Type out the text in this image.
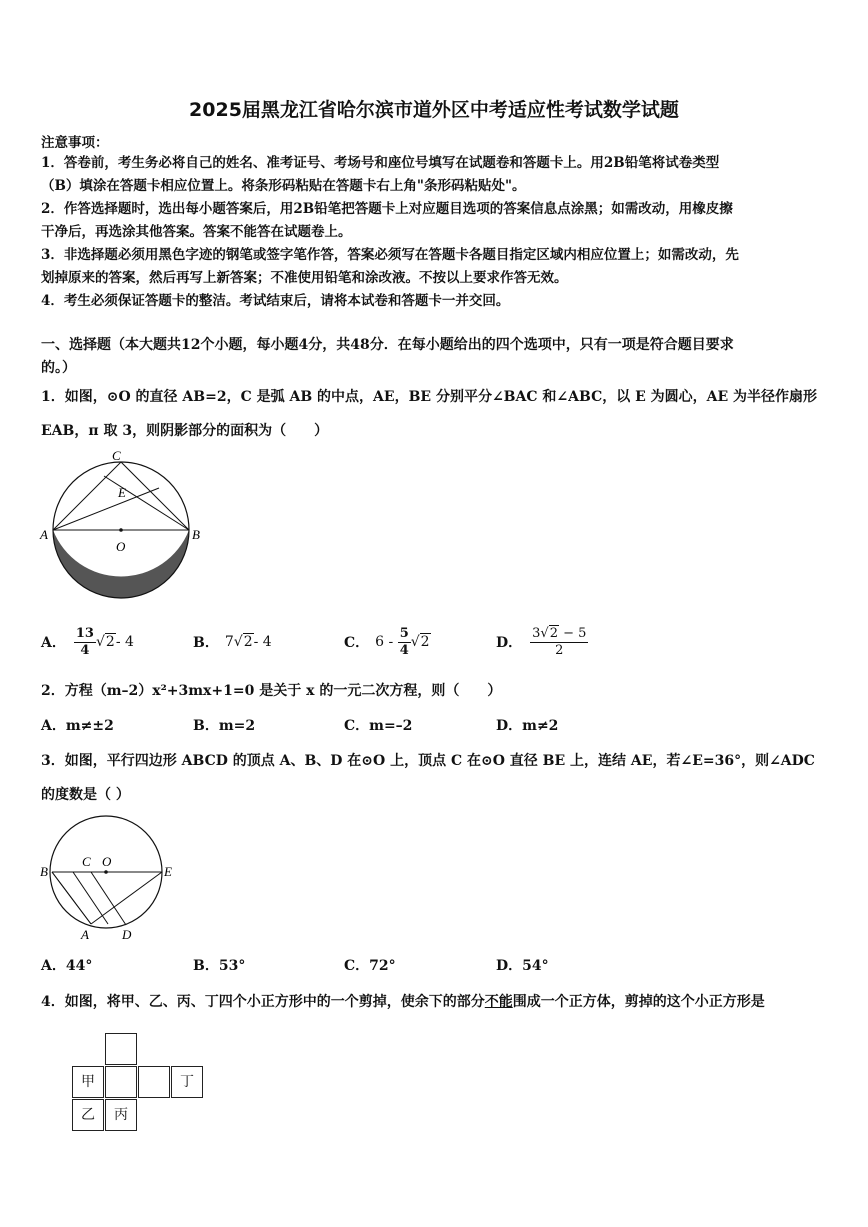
2025届黑龙江省哈尔滨市道外区中考适应性考试数学试题
注意事项：
1．答卷前，考生务必将自己的姓名、准考证号、考场号和座位号填写在试题卷和答题卡上。用2B铅笔将试卷类型
（B）填涂在答题卡相应位置上。将条形码粘贴在答题卡右上角"条形码粘贴处"。
2．作答选择题时，选出每小题答案后，用2B铅笔把答题卡上对应题目选项的答案信息点涂黑；如需改动，用橡皮擦
干净后，再选涂其他答案。答案不能答在试题卷上。
3．非选择题必须用黑色字迹的钢笔或签字笔作答，答案必须写在答题卡各题目指定区域内相应位置上；如需改动，先
划掉原来的答案，然后再写上新答案；不准使用铅笔和涂改液。不按以上要求作答无效。
4．考生必须保证答题卡的整洁。考试结束后，请将本试卷和答题卡一并交回。
一、选择题（本大题共12个小题，每小题4分，共48分．在每小题给出的四个选项中，只有一项是符合题目要求
的。）
1．如图，⊙O 的直径 AB=2，C 是弧 AB 的中点，AE，BE 分别平分∠BAC 和∠ABC，以 E 为圆心，AE 为半径作扇形
EAB，π 取 3，则阴影部分的面积为（　　）
C
E
A	B
O
A． $\frac{13}{4} √2 - 4$	B． 7 √2 - 4	C． $6 - \frac{5}{4} √2$	D． $\frac{3√2 - 5}{2}$
2．方程（m–2）x²+3mx+1=0 是关于 x 的一元二次方程，则（　　）
A．m≠±2	B．m=2	C．m=–2	D．m≠2
3．如图，平行四边形 ABCD 的顶点 A、B、D 在⊙O 上，顶点 C 在⊙O 直径 BE 上，连结 AE，若∠E=36°，则∠ADC
的度数是（ ）
B
C O
E
A	D
A．44°	B．53°	C．72°	D．54°
4．如图，将甲、乙、丙、丁四个小正方形中的一个剪掉，使余下的部分不能围成一个正方体，剪掉的这个小正方形是
甲	丁
乙	丙
